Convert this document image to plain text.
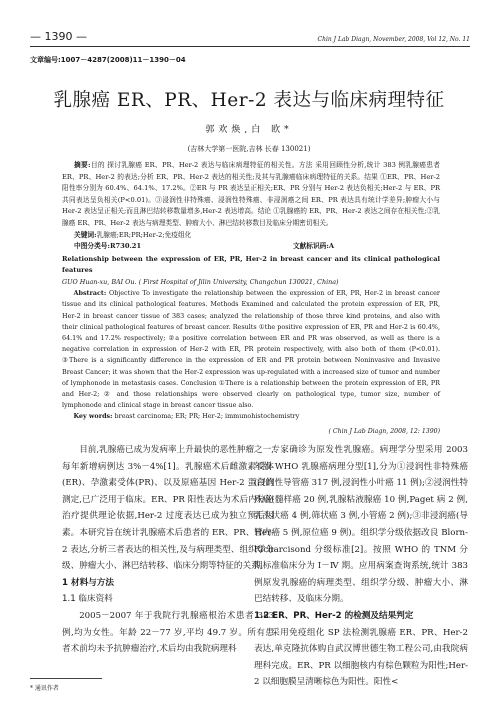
— 1390 —	Chin J Lab Diagn, November, 2008, Vol 12, No. 11
文章编号:1007－4287(2008)11－1390－04
乳腺癌 ER、PR、Her-2 表达与临床病理特征
郭欢焕,白 欧*
(吉林大学第一医院,吉林 长春 130021)

摘要:目的 探讨乳腺癌 ER、PR、Her-2 表达与临床病理特征的相关性。方法 采用回顾性分析,统计 383 例乳腺癌患者 ER、PR、Her-2 的表达;分析 ER、PR、Her-2 表达的相关性;及其与乳腺癌临床病理特征的关系。结果 ①ER、PR、Her-2 阳性率分别为 60.4%、64.1%、17.2%。②ER 与 PR 表达呈正相关;ER、PR 分别与 Her-2 表达负相关;Her-2 与 ER、PR 共同表达呈负相关(P<0.01)。③浸润性非特殊癌、浸润性特殊癌、非浸润癌之间 ER、PR 表达具有统计学差异;肿瘤大小与 Her-2 表达呈正相关;而且淋巴结转移数量增多,Her-2 表达增高。结论 ①乳腺癌的 ER、PR、Her-2 表达之间存在相关性;②乳腺癌 ER、PR、Her-2 表达与病理类型、肿瘤大小、淋巴结转移数目及临床分期密切相关。

关键词:乳腺癌;ER;PR;Her-2;免疫组化

中图分类号:R730.21	文献标识码:A

Relationship between the expression of ER, PR, Her-2 in breast cancer and its clinical pathological features

GUO Huan-xu, BAI Ou. ( First Hospital of Jilin University, Changchun 130021, China)

Abstract: Objective To investigate the relationship between the expression of ER, PR, Her-2 in breast cancer tissue and its clinical pathological features. Methods Examined and calculated the protein expression of ER, PR, Her-2 in breast cancer tissue of 383 cases; analyzed the relationship of those three kind proteins, and also with their clinical pathological features of breast cancer. Results ①the positive expression of ER, PR and Her-2 is 60.4%, 64.1% and 17.2% respectively; ②a positive correlation between ER and PR was observed, as well as there is a negative correlation in expression of Her-2 with ER, PR protein respectively, with also both of them (P<0.01). ③There is a significantly difference in the expression of ER and PR protein between Noninvasive and Invasive Breast Cancer; it was shown that the Her-2 expression was up-regulated with a increased size of tumor and number of lymphonode in metastasis cases. Conclusion ①There is a relationship between the protein expression of ER, PR and Her-2; ② and those relationships were observed clearly on pathological type, tumor size, number of lymphonode and clinical stage in breast cancer tissue also.

Key words: breast carcinoma; ER; PR; Her-2; immunohistochemistry

( Chin J Lab Diagn, 2008, 12: 1390)

目前,乳腺癌已成为发病率上升最快的恶性肿瘤之一,每年新增病例达 3%－4%[1]。乳腺癌术后雌激素受体(ER)、孕激素受体(PR)、以及原癌基因 Her-2 蛋白的测定,已广泛用于临床。ER、PR 阳性表达为术后内分泌治疗提供理论依据,Her-2 过度表达已成为独立预后因素。本研究旨在统计乳腺癌术后患者的 ER、PR、Her-2 表达,分析三者表达的相关性,及与病理类型、组织学分级、肿瘤大小、淋巴结转移、临床分期等特征的关系。

1 材料与方法

1.1 临床资料

2005－2007 年于我院行乳腺癌根治术患者 383 例,均为女性。年龄 22－77 岁,平均 49.7 岁。所有患者术前均未予抗肿瘤治疗,术后均由我院病理科

专家确诊为原发性乳腺癌。病理学分型采用 2003 年版 WHO 乳腺癌病理分型[1],分为①浸润性非特殊癌(浸润性导管癌 317 例,浸润性小叶癌 11 例);②浸润性特殊癌(髓样癌 20 例,乳腺粘液腺癌 10 例,Paget 病 2 例,乳头状癌 4 例,筛状癌 3 例,小管癌 2 例);③非浸润癌(导管内癌 5 例,原位癌 9 例)。组织学分级依据改良 Blorn-Richarcisond 分级标准[2]。按照 WHO 的 TNM 分期标准临床分为 Ⅰ－Ⅳ 期。应用病案查询系统,统计 383 例原发乳腺癌的病理类型、组织学分级、肿瘤大小、淋巴结转移、及临床分期。

1.2 ER、PR、Her-2 的检测及结果判定

采用免疫组化 SP 法检测乳腺癌 ER、PR、Her-2 表达,单克隆抗体购自武汉博世德生物工程公司,由我院病理科完成。ER、PR 以细胞核内有棕色颗粒为阳性;Her-2 以细胞膜呈清晰棕色为阳性。阳性<

* 通讯作者
